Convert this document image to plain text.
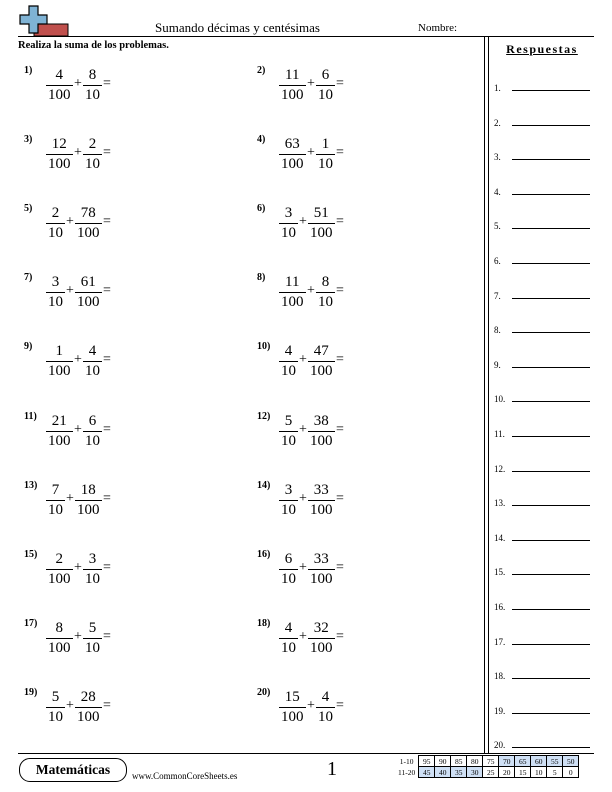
Sumando décimas y centésimas	Nombre:
Realiza la suma de los problemas.	Respuestas
1.
2.
3.
4.
5.
6.
7.
8.
9.
10.
11.
12.
13.
14.
15.
16.
17.
18.
19.
20.
$1) \frac{4}{100} + \frac{8}{10}$ =
$2) \frac{11}{100} + \frac{6}{10}$ =
$3) \frac{12}{100} + \frac{2}{10}$ =
$4) \frac{63}{100} + \frac{1}{10}$ =
$5) \frac{2}{10} + \frac{78}{100}$ =
$6) \frac{3}{10} + \frac{51}{100}$ =
$7) \frac{3}{10} + \frac{61}{100}$ =
$8) \frac{11}{100} + \frac{8}{10}$ =
$9) \frac{1}{100} + \frac{4}{10}$ =
$10) \frac{4}{10} + \frac{47}{100}$ =
$11) \frac{21}{100} + \frac{6}{10}$ =
$12) \frac{5}{10} + \frac{38}{100}$ =
$13) \frac{7}{10} + \frac{18}{100}$ =
$14) \frac{3}{10} + \frac{33}{100}$ =
$15) \frac{2}{100} + \frac{3}{10}$ =
$16) \frac{6}{10} + \frac{33}{100}$ =
$17) \frac{8}{100} + \frac{5}{10}$ =
$18) \frac{4}{10} + \frac{32}{100}$ =
$19) \frac{5}{10} + \frac{28}{100}$ =
$20) \frac{15}{100} + \frac{4}{10}$ =
Matemáticas	www.CommonCoreSheets.es	1	1-10	95	90	85	80	75	70	65	60	55	50
11-20	45	40	35	30	25	20	15	10	5	0
